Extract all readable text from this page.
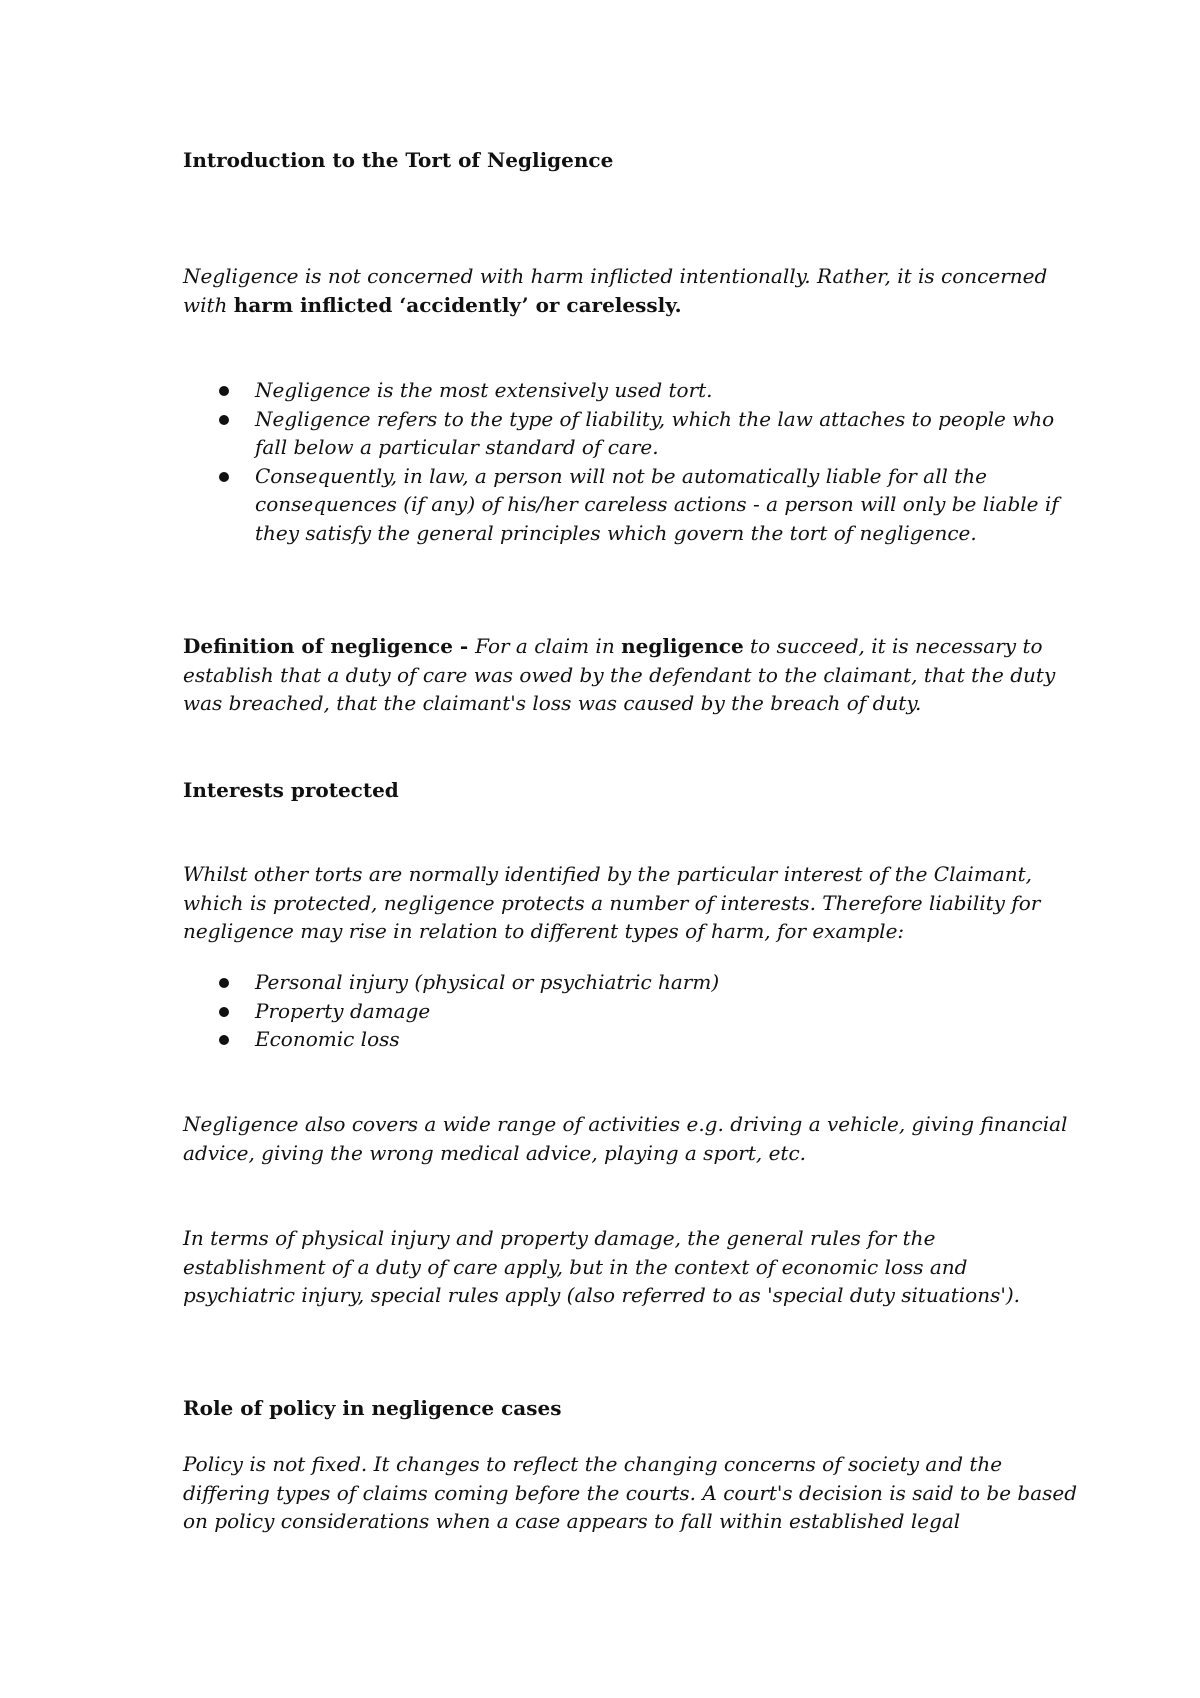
Introduction to the Tort of Negligence

Negligence is not concerned with harm inflicted intentionally. Rather, it is concerned with harm inflicted ‘accidently’ or carelessly.

Negligence is the most extensively used tort.
Negligence refers to the type of liability, which the law attaches to people who fall below a particular standard of care.
Consequently, in law, a person will not be automatically liable for all the consequences (if any) of his/her careless actions - a person will only be liable if they satisfy the general principles which govern the tort of negligence.

Definition of negligence - For a claim in negligence to succeed, it is necessary to establish that a duty of care was owed by the defendant to the claimant, that the duty was breached, that the claimant's loss was caused by the breach of duty.

Interests protected

Whilst other torts are normally identified by the particular interest of the Claimant, which is protected, negligence protects a number of interests. Therefore liability for negligence may rise in relation to different types of harm, for example:

Personal injury (physical or psychiatric harm)
Property damage
Economic loss

Negligence also covers a wide range of activities e.g. driving a vehicle, giving financial advice, giving the wrong medical advice, playing a sport, etc.

In terms of physical injury and property damage, the general rules for the establishment of a duty of care apply, but in the context of economic loss and psychiatric injury, special rules apply (also referred to as 'special duty situations').

Role of policy in negligence cases

Policy is not fixed. It changes to reflect the changing concerns of society and the differing types of claims coming before the courts. A court's decision is said to be based on policy considerations when a case appears to fall within established legal
